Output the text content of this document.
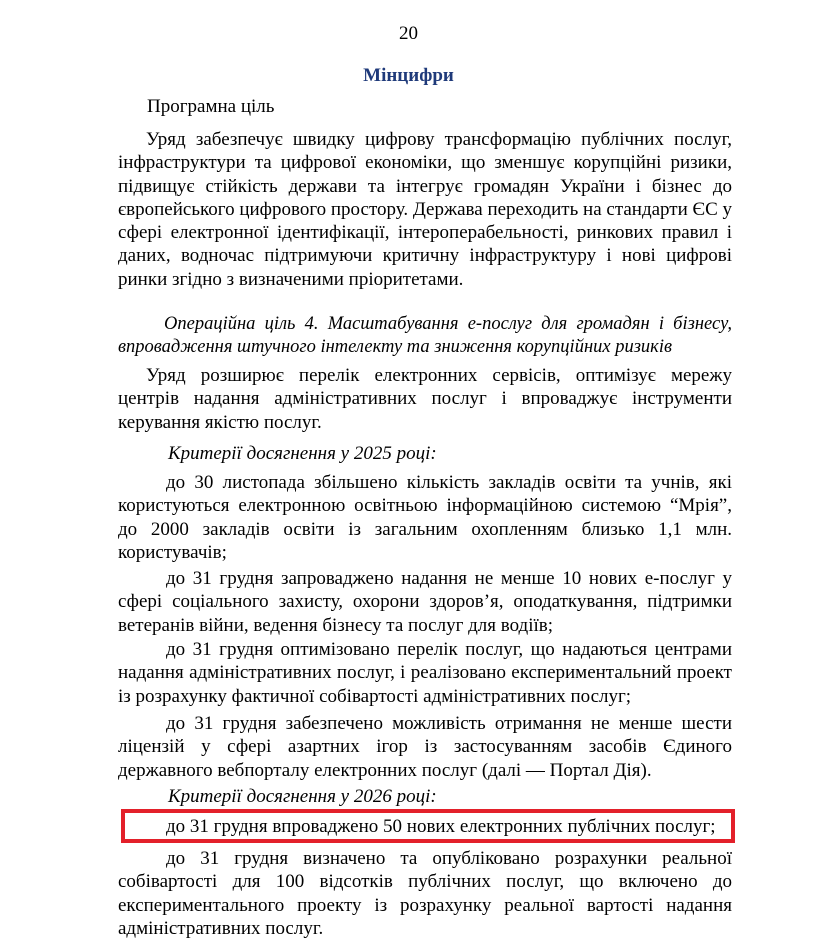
20
Мінцифри
Програмна ціль
Уряд забезпечує швидку цифрову трансформацію публічних послуг, інфраструктури та цифрової економіки, що зменшує корупційні ризики, підвищує стійкість держави та інтегрує громадян України і бізнес до європейського цифрового простору. Держава переходить на стандарти ЄС у сфері електронної ідентифікації, інтероперабельності, ринкових правил і даних, водночас підтримуючи критичну інфраструктуру і нові цифрові ринки згідно з визначеними пріоритетами.
Операційна ціль 4. Масштабування е-послуг для громадян і бізнесу, впровадження штучного інтелекту та зниження корупційних ризиків
Уряд розширює перелік електронних сервісів, оптимізує мережу центрів надання адміністративних послуг і впроваджує інструменти керування якістю послуг.
Критерії досягнення у 2025 році:
до 30 листопада збільшено кількість закладів освіти та учнів, які користуються електронною освітньою інформаційною системою “Мрія”, до 2000 закладів освіти із загальним охопленням близько 1,1 млн. користувачів;
до 31 грудня запроваджено надання не менше 10 нових е-послуг у сфері соціального захисту, охорони здоров’я, оподаткування, підтримки ветеранів війни, ведення бізнесу та послуг для водіїв;
до 31 грудня оптимізовано перелік послуг, що надаються центрами надання адміністративних послуг, і реалізовано експериментальний проект із розрахунку фактичної собівартості адміністративних послуг;
до 31 грудня забезпечено можливість отримання не менше шести ліцензій у сфері азартних ігор із застосуванням засобів Єдиного державного вебпорталу електронних послуг (далі — Портал Дія).
Критерії досягнення у 2026 році:
до 31 грудня впроваджено 50 нових електронних публічних послуг;
до 31 грудня визначено та опубліковано розрахунки реальної собівартості для 100 відсотків публічних послуг, що включено до експериментального проекту із розрахунку реальної вартості надання адміністративних послуг.
